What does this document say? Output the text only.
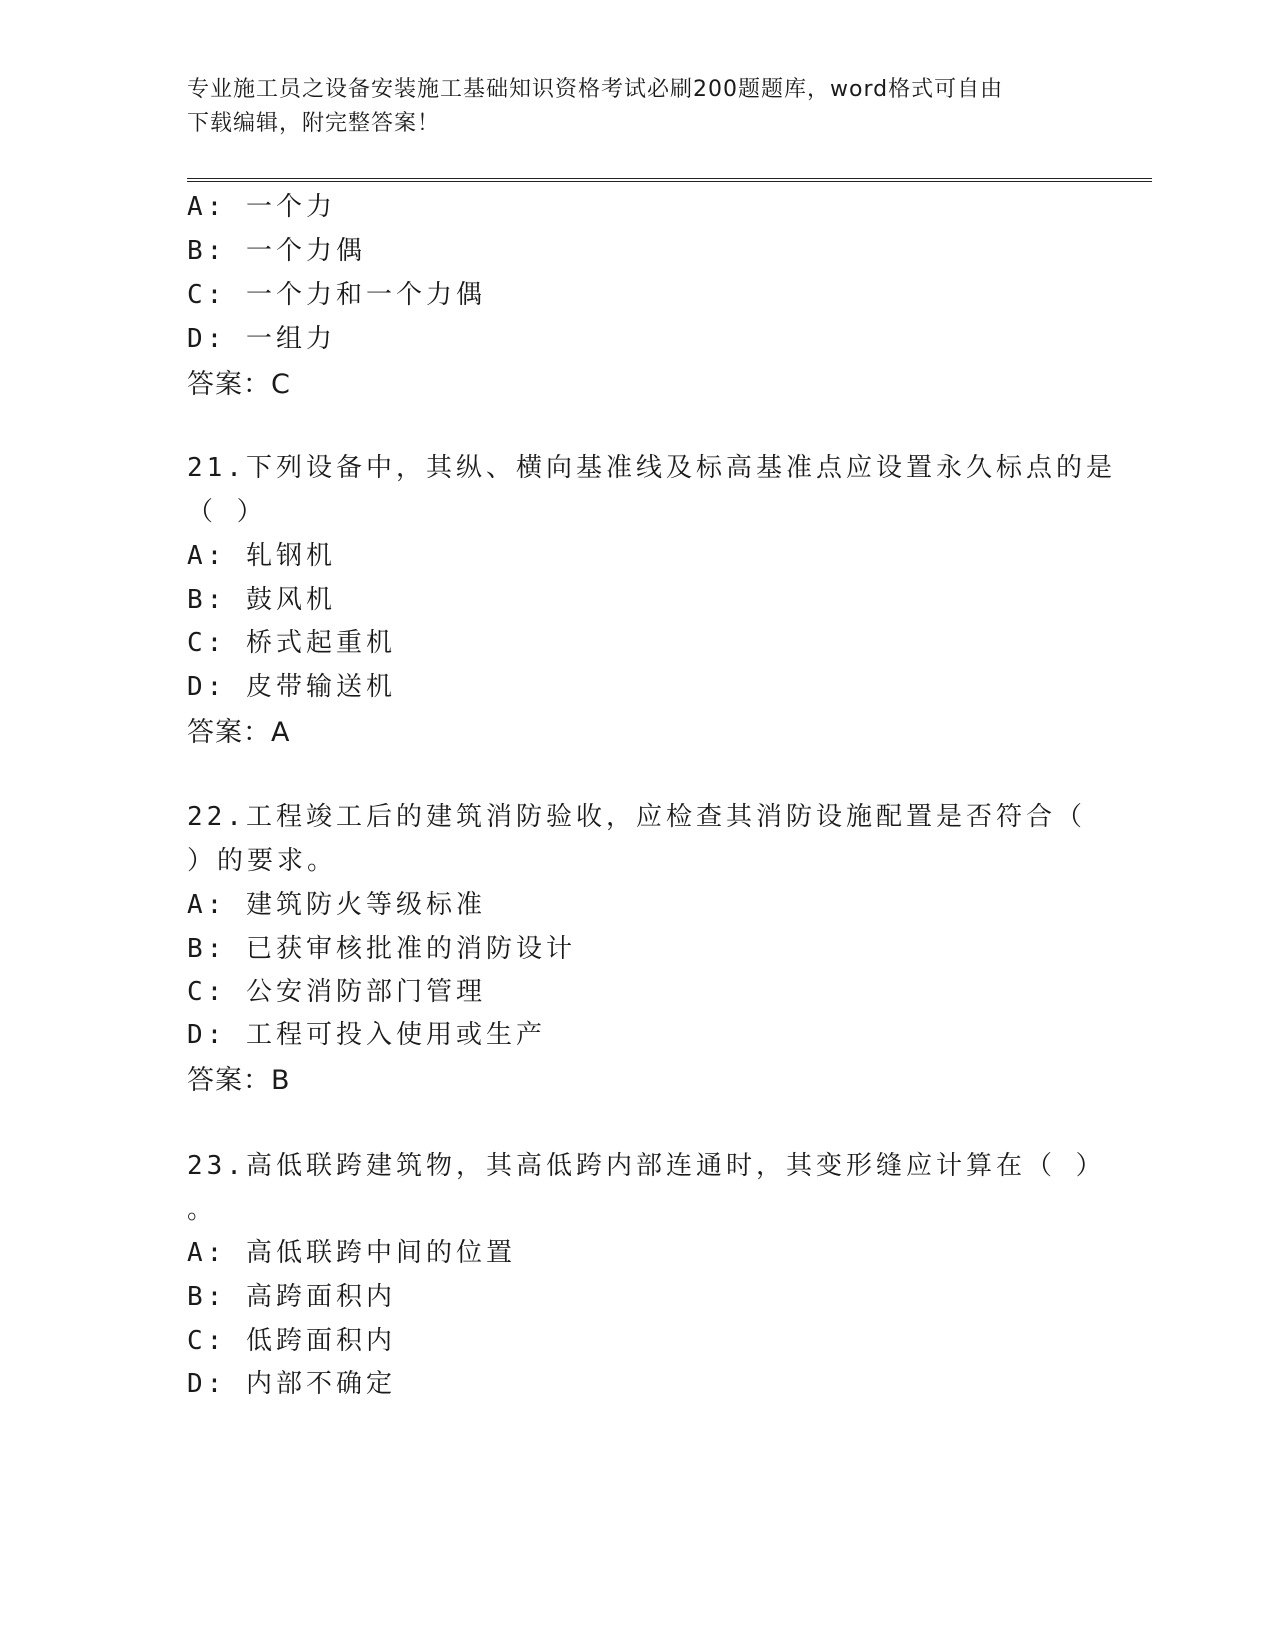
专业施工员之设备安装施工基础知识资格考试必刷200题题库，word格式可自由
下载编辑，附完整答案！
A: 一个力
B: 一个力偶
C: 一个力和一个力偶
D: 一组力
答案：C
21.下列设备中，其纵、横向基准线及标高基准点应设置永久标点的是
（ ）
A: 轧钢机
B: 鼓风机
C: 桥式起重机
D: 皮带输送机
答案：A
22.工程竣工后的建筑消防验收，应检查其消防设施配置是否符合（
）的要求。
A: 建筑防火等级标准
B: 已获审核批准的消防设计
C: 公安消防部门管理
D: 工程可投入使用或生产
答案：B
23.高低联跨建筑物，其高低跨内部连通时，其变形缝应计算在（ ）
。
A: 高低联跨中间的位置
B: 高跨面积内
C: 低跨面积内
D: 内部不确定
